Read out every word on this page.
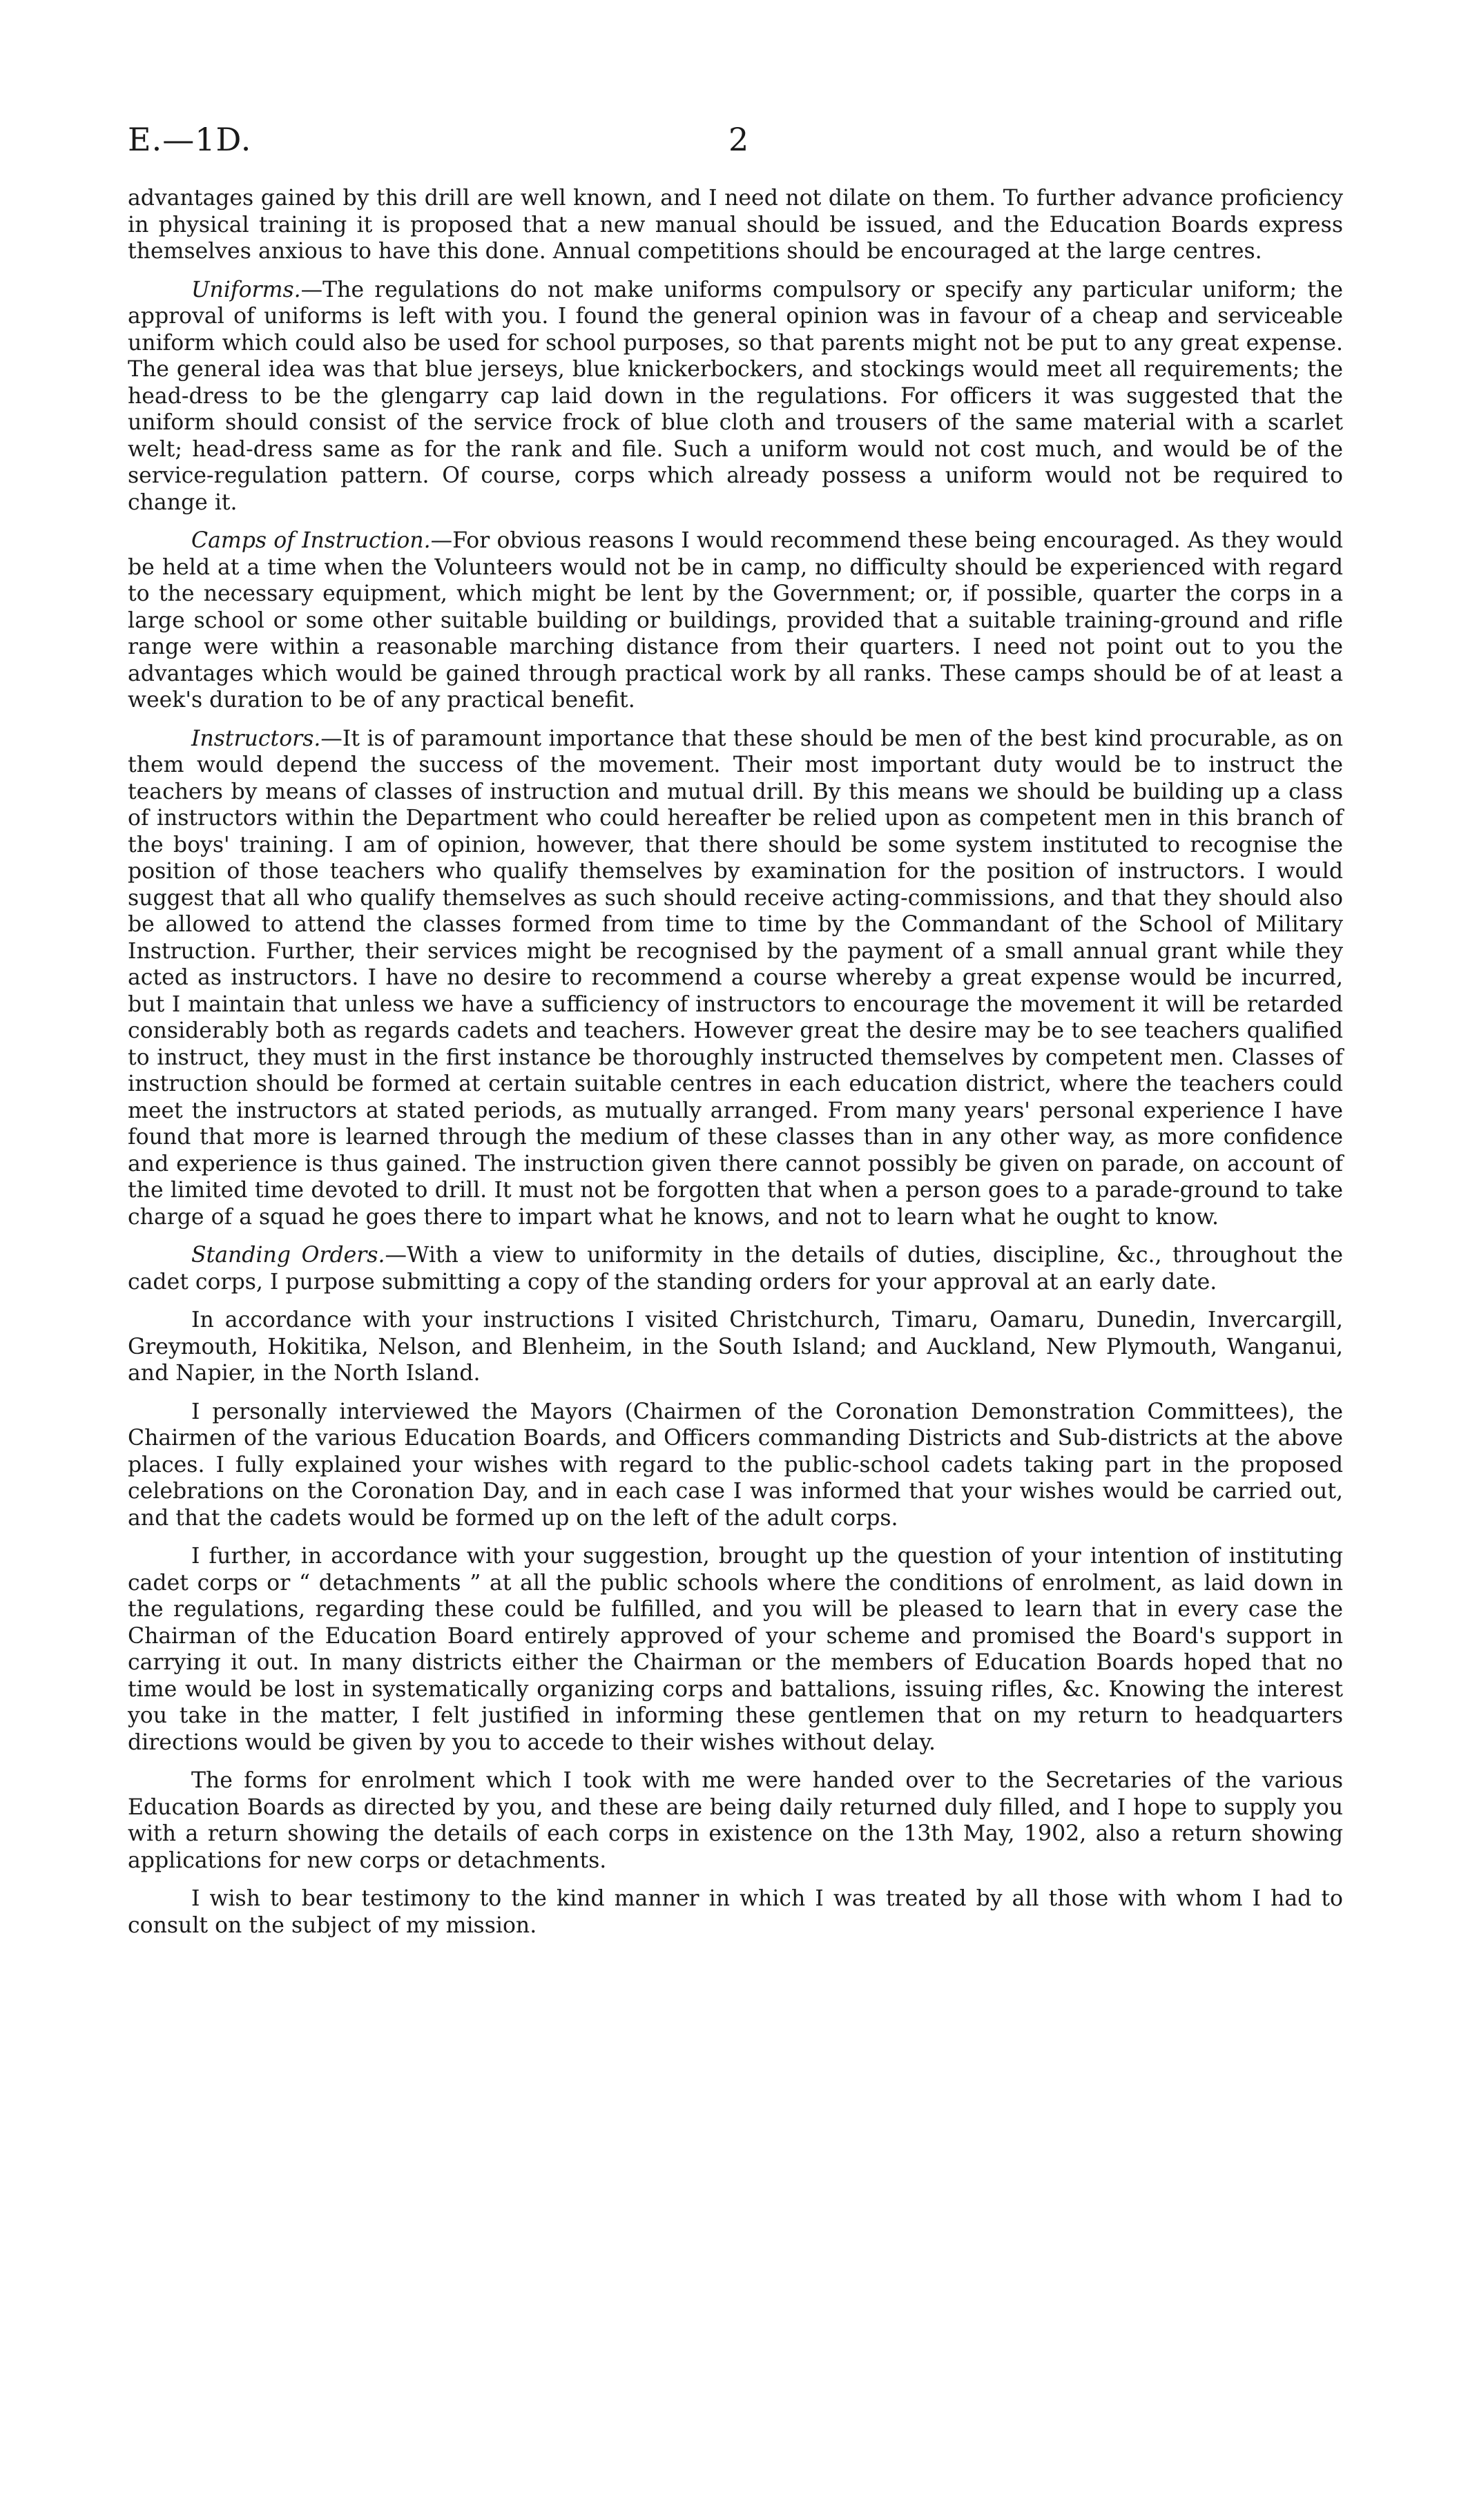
E.—1D.	2

advantages gained by this drill are well known, and I need not dilate on them. To further advance proficiency in physical training it is proposed that a new manual should be issued, and the Education Boards express themselves anxious to have this done. Annual competitions should be encouraged at the large centres.

Uniforms.—The regulations do not make uniforms compulsory or specify any particular uniform; the approval of uniforms is left with you. I found the general opinion was in favour of a cheap and serviceable uniform which could also be used for school purposes, so that parents might not be put to any great expense. The general idea was that blue jerseys, blue knickerbockers, and stockings would meet all requirements; the head-dress to be the glengarry cap laid down in the regulations. For officers it was suggested that the uniform should consist of the service frock of blue cloth and trousers of the same material with a scarlet welt; head-dress same as for the rank and file. Such a uniform would not cost much, and would be of the service-regulation pattern. Of course, corps which already possess a uniform would not be required to change it.

Camps of Instruction.—For obvious reasons I would recommend these being encouraged. As they would be held at a time when the Volunteers would not be in camp, no difficulty should be experienced with regard to the necessary equipment, which might be lent by the Government; or, if possible, quarter the corps in a large school or some other suitable building or buildings, provided that a suitable training-ground and rifle range were within a reasonable marching distance from their quarters. I need not point out to you the advantages which would be gained through practical work by all ranks. These camps should be of at least a week's duration to be of any practical benefit.

Instructors.—It is of paramount importance that these should be men of the best kind procurable, as on them would depend the success of the movement. Their most important duty would be to instruct the teachers by means of classes of instruction and mutual drill. By this means we should be building up a class of instructors within the Department who could hereafter be relied upon as competent men in this branch of the boys' training. I am of opinion, however, that there should be some system instituted to recognise the position of those teachers who qualify themselves by examination for the position of instructors. I would suggest that all who qualify themselves as such should receive acting-commissions, and that they should also be allowed to attend the classes formed from time to time by the Commandant of the School of Military Instruction. Further, their services might be recognised by the payment of a small annual grant while they acted as instructors. I have no desire to recommend a course whereby a great expense would be incurred, but I maintain that unless we have a sufficiency of instructors to encourage the movement it will be retarded considerably both as regards cadets and teachers. However great the desire may be to see teachers qualified to instruct, they must in the first instance be thoroughly instructed themselves by competent men. Classes of instruction should be formed at certain suitable centres in each education district, where the teachers could meet the instructors at stated periods, as mutually arranged. From many years' personal experience I have found that more is learned through the medium of these classes than in any other way, as more confidence and experience is thus gained. The instruction given there cannot possibly be given on parade, on account of the limited time devoted to drill. It must not be forgotten that when a person goes to a parade-ground to take charge of a squad he goes there to impart what he knows, and not to learn what he ought to know.

Standing Orders.—With a view to uniformity in the details of duties, discipline, &c., throughout the cadet corps, I purpose submitting a copy of the standing orders for your approval at an early date.

In accordance with your instructions I visited Christchurch, Timaru, Oamaru, Dunedin, Invercargill, Greymouth, Hokitika, Nelson, and Blenheim, in the South Island; and Auckland, New Plymouth, Wanganui, and Napier, in the North Island.

I personally interviewed the Mayors (Chairmen of the Coronation Demonstration Committees), the Chairmen of the various Education Boards, and Officers commanding Districts and Sub-districts at the above places. I fully explained your wishes with regard to the public-school cadets taking part in the proposed celebrations on the Coronation Day, and in each case I was informed that your wishes would be carried out, and that the cadets would be formed up on the left of the adult corps.

I further, in accordance with your suggestion, brought up the question of your intention of instituting cadet corps or “ detachments ” at all the public schools where the conditions of enrolment, as laid down in the regulations, regarding these could be fulfilled, and you will be pleased to learn that in every case the Chairman of the Education Board entirely approved of your scheme and promised the Board's support in carrying it out. In many districts either the Chairman or the members of Education Boards hoped that no time would be lost in systematically organizing corps and battalions, issuing rifles, &c. Knowing the interest you take in the matter, I felt justified in informing these gentlemen that on my return to headquarters directions would be given by you to accede to their wishes without delay.

The forms for enrolment which I took with me were handed over to the Secretaries of the various Education Boards as directed by you, and these are being daily returned duly filled, and I hope to supply you with a return showing the details of each corps in existence on the 13th May, 1902, also a return showing applications for new corps or detachments.

I wish to bear testimony to the kind manner in which I was treated by all those with whom I had to consult on the subject of my mission.
